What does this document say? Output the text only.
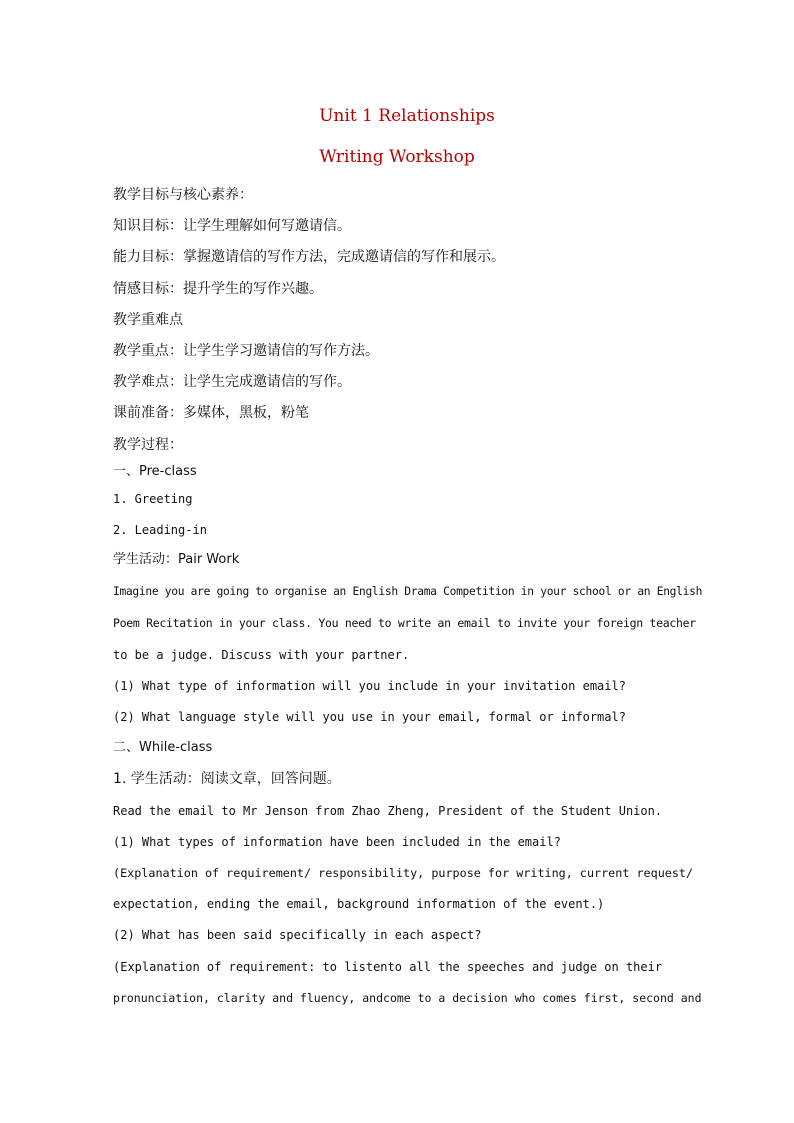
Unit 1 Relationships
Writing Workshop
教学目标与核心素养：
知识目标：让学生理解如何写邀请信。
能力目标：掌握邀请信的写作方法，完成邀请信的写作和展示。
情感目标：提升学生的写作兴趣。
教学重难点
教学重点：让学生学习邀请信的写作方法。
教学难点：让学生完成邀请信的写作。
课前准备：多媒体，黑板，粉笔
教学过程：
一、Pre-class
1. Greeting
2. Leading-in
学生活动：Pair Work
Imagine you are going to organise an English Drama Competition in your school or an English
Poem Recitation in your class. You need to write an email to invite your foreign teacher
to be a judge. Discuss with your partner.
(1) What type of information will you include in your invitation email?
(2) What language style will you use in your email, formal or informal?
二、While-class
1. 学生活动：阅读文章，回答问题。
Read the email to Mr Jenson from Zhao Zheng, President of the Student Union.
(1) What types of information have been included in the email?
(Explanation of requirement/ responsibility, purpose for writing, current request/
expectation, ending the email, background information of the event.)
(2) What has been said specifically in each aspect?
(Explanation of requirement: to listento all the speeches and judge on their
pronunciation, clarity and fluency, andcome to a decision who comes first, second and
